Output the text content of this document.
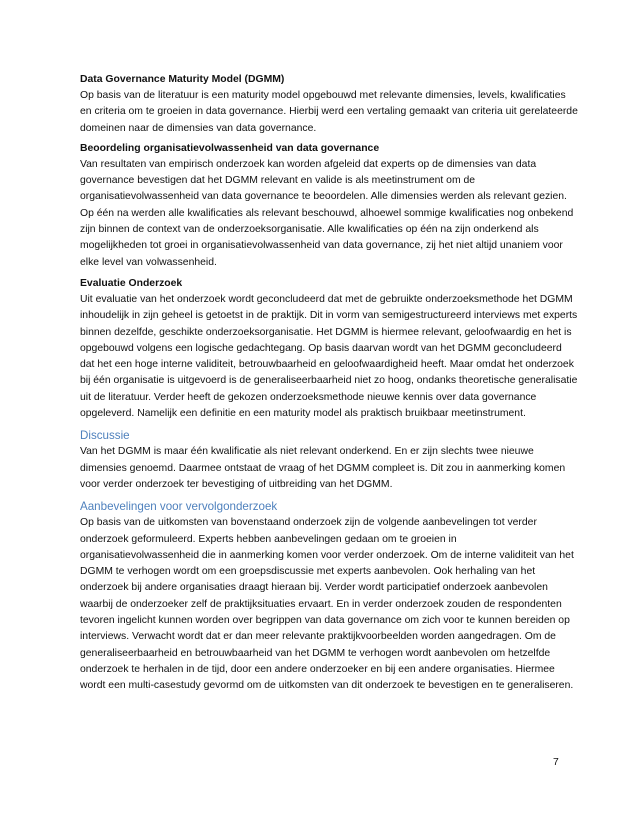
Data Governance Maturity Model (DGMM)

Op basis van de literatuur is een maturity model opgebouwd met relevante dimensies, levels, kwalificaties en criteria om te groeien in data governance. Hierbij werd een vertaling gemaakt van criteria uit gerelateerde domeinen naar de dimensies van data governance.

Beoordeling organisatievolwassenheid van data governance

Van resultaten van empirisch onderzoek kan worden afgeleid dat experts op de dimensies van data governance bevestigen dat het DGMM relevant en valide is als meetinstrument om de organisatievolwassenheid van data governance te beoordelen. Alle dimensies werden als relevant gezien. Op één na werden alle kwalificaties als relevant beschouwd, alhoewel sommige kwalificaties nog onbekend zijn binnen de context van de onderzoeksorganisatie. Alle kwalificaties op één na zijn onderkend als mogelijkheden tot groei in organisatievolwassenheid van data governance, zij het niet altijd unaniem voor elke level van volwassenheid.

Evaluatie Onderzoek

Uit evaluatie van het onderzoek wordt geconcludeerd dat met de gebruikte onderzoeksmethode het DGMM inhoudelijk in zijn geheel is getoetst in de praktijk. Dit in vorm van semigestructureerd interviews met experts binnen dezelfde, geschikte onderzoeksorganisatie. Het DGMM is hiermee relevant, geloofwaardig en het is opgebouwd volgens een logische gedachtegang. Op basis daarvan wordt van het DGMM geconcludeerd dat het een hoge interne validiteit, betrouwbaarheid en geloofwaardigheid heeft. Maar omdat het onderzoek bij één organisatie is uitgevoerd is de generaliseerbaarheid niet zo hoog, ondanks theoretische generalisatie uit de literatuur. Verder heeft de gekozen onderzoeksmethode nieuwe kennis over data governance opgeleverd. Namelijk een definitie en een maturity model als praktisch bruikbaar meetinstrument.

Discussie

Van het DGMM is maar één kwalificatie als niet relevant onderkend. En er zijn slechts twee nieuwe dimensies genoemd. Daarmee ontstaat de vraag of het DGMM compleet is. Dit zou in aanmerking komen voor verder onderzoek ter bevestiging of uitbreiding van het DGMM.

Aanbevelingen voor vervolgonderzoek

Op basis van de uitkomsten van bovenstaand onderzoek zijn de volgende aanbevelingen tot verder onderzoek geformuleerd. Experts hebben aanbevelingen gedaan om te groeien in organisatievolwassenheid die in aanmerking komen voor verder onderzoek. Om de interne validiteit van het DGMM te verhogen wordt om een groepsdiscussie met experts aanbevolen. Ook herhaling van het onderzoek bij andere organisaties draagt hieraan bij. Verder wordt participatief onderzoek aanbevolen waarbij de onderzoeker zelf de praktijksituaties ervaart. En in verder onderzoek zouden de respondenten tevoren ingelicht kunnen worden over begrippen van data governance om zich voor te kunnen bereiden op interviews. Verwacht wordt dat er dan meer relevante praktijkvoorbeelden worden aangedragen. Om de generaliseerbaarheid en betrouwbaarheid van het DGMM te verhogen wordt aanbevolen om hetzelfde onderzoek te herhalen in de tijd, door een andere onderzoeker en bij een andere organisaties. Hiermee wordt een multi-casestudy gevormd om de uitkomsten van dit onderzoek te bevestigen en te generaliseren.

7
